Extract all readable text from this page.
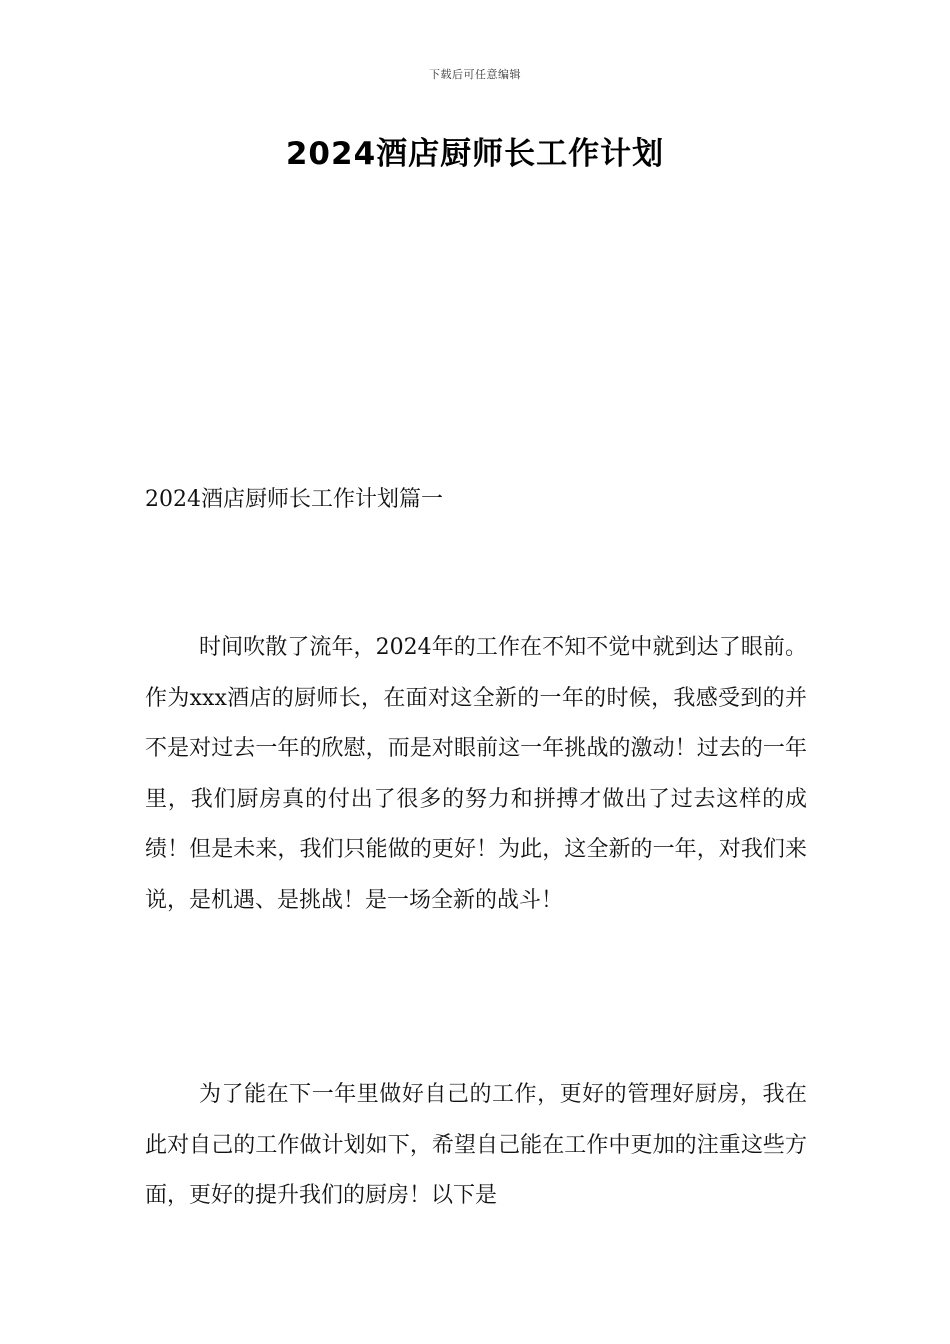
下载后可任意编辑
2024酒店厨师长工作计划
2024酒店厨师长工作计划篇一

时间吹散了流年，2024年的工作在不知不觉中就到达了眼前。作为xxx酒店的厨师长，在面对这全新的一年的时候，我感受到的并不是对过去一年的欣慰，而是对眼前这一年挑战的激动！过去的一年里，我们厨房真的付出了很多的努力和拼搏才做出了过去这样的成绩！但是未来，我们只能做的更好！为此，这全新的一年，对我们来说，是机遇、是挑战！是一场全新的战斗！

为了能在下一年里做好自己的工作，更好的管理好厨房，我在此对自己的工作做计划如下，希望自己能在工作中更加的注重这些方面，更好的提升我们的厨房！以下是
